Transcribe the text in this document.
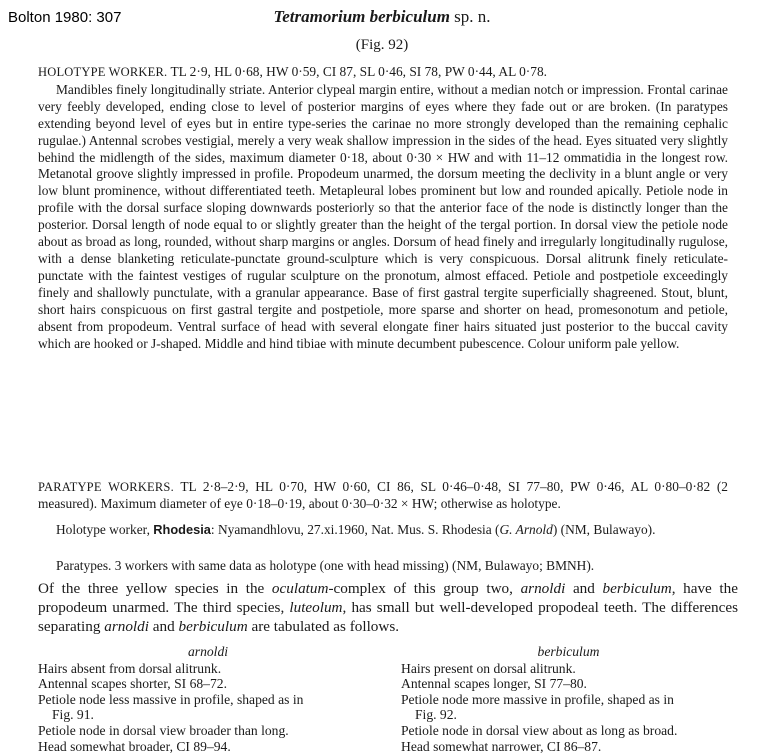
Bolton 1980: 307	Tetramorium berbiculum sp. n.
(Fig. 92)

HOLOTYPE WORKER. TL 2·9, HL 0·68, HW 0·59, CI 87, SL 0·46, SI 78, PW 0·44, AL 0·78.

Mandibles finely longitudinally striate. Anterior clypeal margin entire, without a median notch or impression. Frontal carinae very feebly developed, ending close to level of posterior margins of eyes where they fade out or are broken. (In paratypes extending beyond level of eyes but in entire type-series the carinae no more strongly developed than the remaining cephalic rugulae.) Antennal scrobes vestigial, merely a very weak shallow impression in the sides of the head. Eyes situated very slightly behind the midlength of the sides, maximum diameter 0·18, about 0·30 × HW and with 11–12 ommatidia in the longest row. Metanotal groove slightly impressed in profile. Propodeum unarmed, the dorsum meeting the declivity in a blunt angle or very low blunt prominence, without differentiated teeth. Metapleural lobes prominent but low and rounded apically. Petiole node in profile with the dorsal surface sloping downwards posteriorly so that the anterior face of the node is distinctly longer than the posterior. Dorsal length of node equal to or slightly greater than the height of the tergal portion. In dorsal view the petiole node about as broad as long, rounded, without sharp margins or angles. Dorsum of head finely and irregularly longitudinally rugulose, with a dense blanketing reticulate-punctate ground-sculpture which is very conspicuous. Dorsal alitrunk finely reticulate-punctate with the faintest vestiges of rugular sculpture on the pronotum, almost effaced. Petiole and postpetiole exceedingly finely and shallowly punctulate, with a granular appearance. Base of first gastral tergite superficially shagreened. Stout, blunt, short hairs conspicuous on first gastral tergite and postpetiole, more sparse and shorter on head, promesonotum and petiole, absent from propodeum. Ventral surface of head with several elongate finer hairs situated just posterior to the buccal cavity which are hooked or J-shaped. Middle and hind tibiae with minute decumbent pubescence. Colour uniform pale yellow.

PARATYPE WORKERS. TL 2·8–2·9, HL 0·70, HW 0·60, CI 86, SL 0·46–0·48, SI 77–80, PW 0·46, AL 0·80–0·82 (2 measured). Maximum diameter of eye 0·18–0·19, about 0·30–0·32 × HW; otherwise as holotype.

Holotype worker, Rhodesia: Nyamandhlovu, 27.xi.1960, Nat. Mus. S. Rhodesia (G. Arnold) (NM, Bulawayo).

Paratypes. 3 workers with same data as holotype (one with head missing) (NM, Bulawayo; BMNH).

Of the three yellow species in the oculatum-complex of this group two, arnoldi and berbiculum, have the propodeum unarmed. The third species, luteolum, has small but well-developed propodeal teeth. The differences separating arnoldi and berbiculum are tabulated as follows.
arnoldi
Hairs absent from dorsal alitrunk.
Antennal scapes shorter, SI 68–72.
Petiole node less massive in profile, shaped as in
Fig. 91.
Petiole node in dorsal view broader than long.
Head somewhat broader, CI 89–94.
berbiculum
Hairs present on dorsal alitrunk.
Antennal scapes longer, SI 77–80.
Petiole node more massive in profile, shaped as in
Fig. 92.
Petiole node in dorsal view about as long as broad.
Head somewhat narrower, CI 86–87.
